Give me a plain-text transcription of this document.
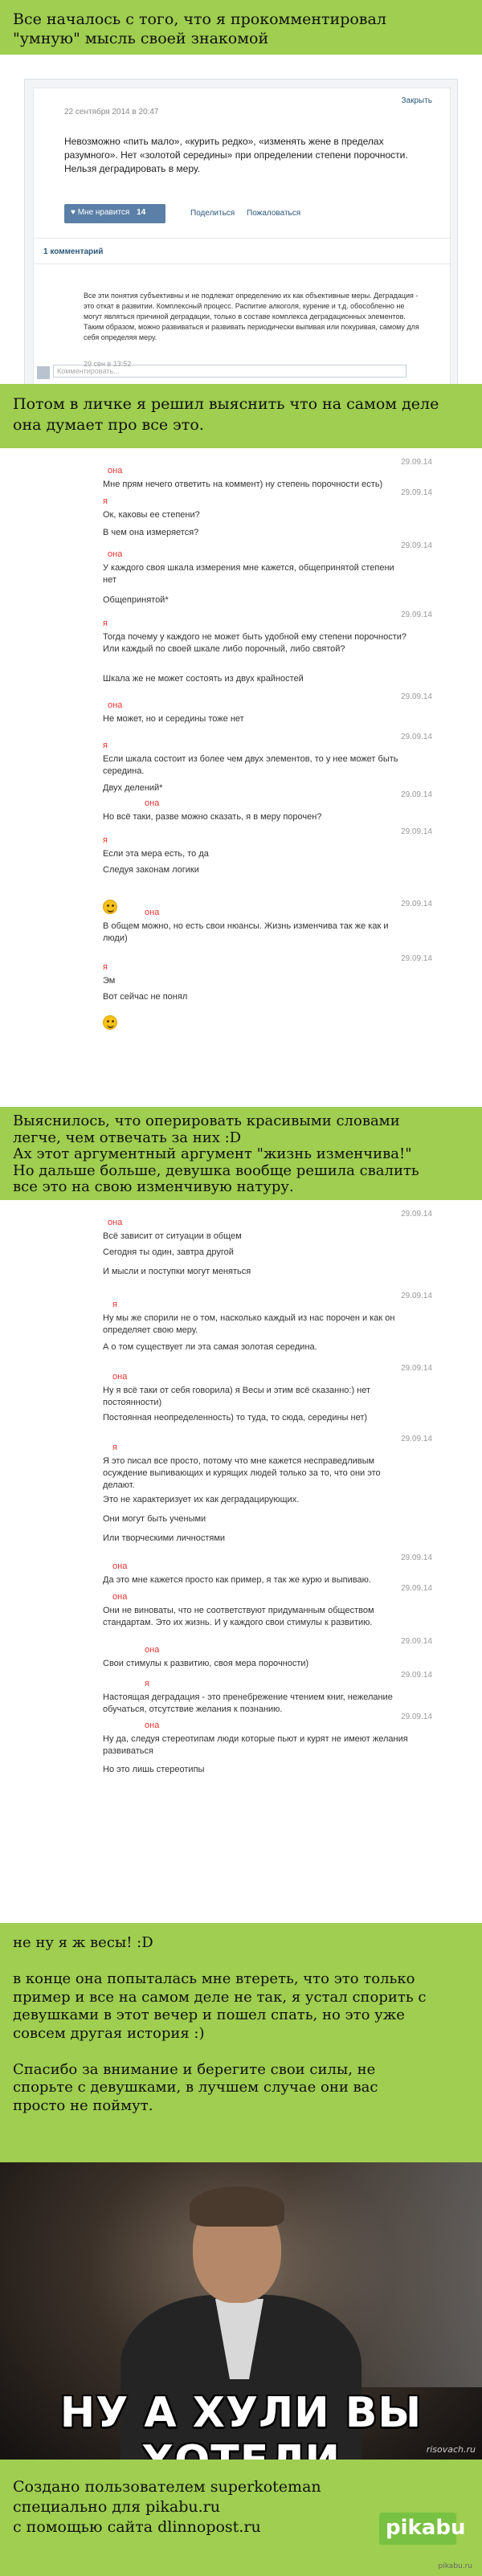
Все началось с того, что я прокомментировал
"умную" мысль своей знакомой

Закрыть
22 сентября 2014 в 20:47
Невозможно «пить мало», «курить редко», «изменять жене в пределах разумного». Нет «золотой середины» при определении степени порочности. Нельзя деградировать в меру.
♥ Мне нравится 14	Поделиться Пожаловаться
1 комментарий
Все эти понятия субъективны и не подлежат определению их как объективные меры. Деградация - это откат в развитии. Комплексный процесс. Распитие алкоголя, курение и т.д. обособленно не могут являться причиной деградации, только в составе комплекса деградационных элементов. Таким образом, можно развиваться и развивать периодически выпивая или покуривая, самому для себя определяя меру.
29 сен в 13:52
Комментировать...

Потом в личке я решил выяснить что на самом деле
она думает про все это.

она
29.09.14
Мне прям нечего ответить на коммент) ну степень порочности есть)
я
29.09.14
Ок, каковы ее степени?
В чем она измеряется?
она
29.09.14
У каждого своя шкала измерения мне кажется, общепринятой степени нет
Общепринятой*
я
29.09.14
Тогда почему у каждого не может быть удобной ему степени порочности? Или каждый по своей шкале либо порочный, либо святой?
Шкала же не может состоять из двух крайностей
она
29.09.14
Не может, но и середины тоже нет
я
29.09.14
Если шкала состоит из более чем двух элементов, то у нее может быть середина.
Двух делений*
она
29.09.14
Но всё таки, разве можно сказать, я в меру порочен?
я
29.09.14
Если эта мера есть, то да
Следуя законам логики
она
29.09.14
В общем можно, но есть свои нюансы. Жизнь изменчива так же как и люди)
я
29.09.14
Эм
Вот сейчас не понял

Выяснилось, что оперировать красивыми словами
легче, чем отвечать за них :D
Ах этот аргументный аргумент "жизнь изменчива!"
Но дальше больше, девушка вообще решила свалить
все это на свою изменчивую натуру.

она
29.09.14
Всё зависит от ситуации в общем
Сегодня ты один, завтра другой
И мысли и поступки могут меняться
я
29.09.14
Ну мы же спорили не о том, насколько каждый из нас порочен и как он определяет свою меру.
А о том существует ли эта самая золотая середина.
она
29.09.14
Ну я всё таки от себя говорила) я Весы и этим всё сказанно:) нет постоянности)
Постоянная неопределенность) то туда, то сюда, середины нет)
я
29.09.14
Я это писал все просто, потому что мне кажется несправедливым осуждение выпивающих и курящих людей только за то, что они это делают.
Это не характеризует их как деградацирующих.
Они могут быть учеными
Или творческими личностями
она
29.09.14
Да это мне кажется просто как пример, я так же курю и выпиваю.
она
29.09.14
Они не виноваты, что не соответствуют придуманным обществом стандартам. Это их жизнь. И у каждого свои стимулы к развитию.
она
29.09.14
Свои стимулы к развитию, своя мера порочности)
я
29.09.14
Настоящая деградация - это пренебрежение чтением книг, нежелание обучаться, отсутствие желания к познанию.
она
29.09.14
Ну да, следуя стереотипам люди которые пьют и курят не имеют желания развиваться
Но это лишь стереотипы

не ну я ж весы! :D

в конце она попыталась мне втереть, что это только
пример и все на самом деле не так, я устал спорить с
девушками в этот вечер и пошел спать, но это уже
совсем другая история :)

Спасибо за внимание и берегите свои силы, не
спорьте с девушками, в лучшем случае они вас
просто не поймут.

НУ А ХУЛИ ВЫ
risovach.ru

Создано пользователем superkoteman
специально для pikabu.ru
с помощью сайта dlinnopost.ru	pikabu
pikabu.ru
